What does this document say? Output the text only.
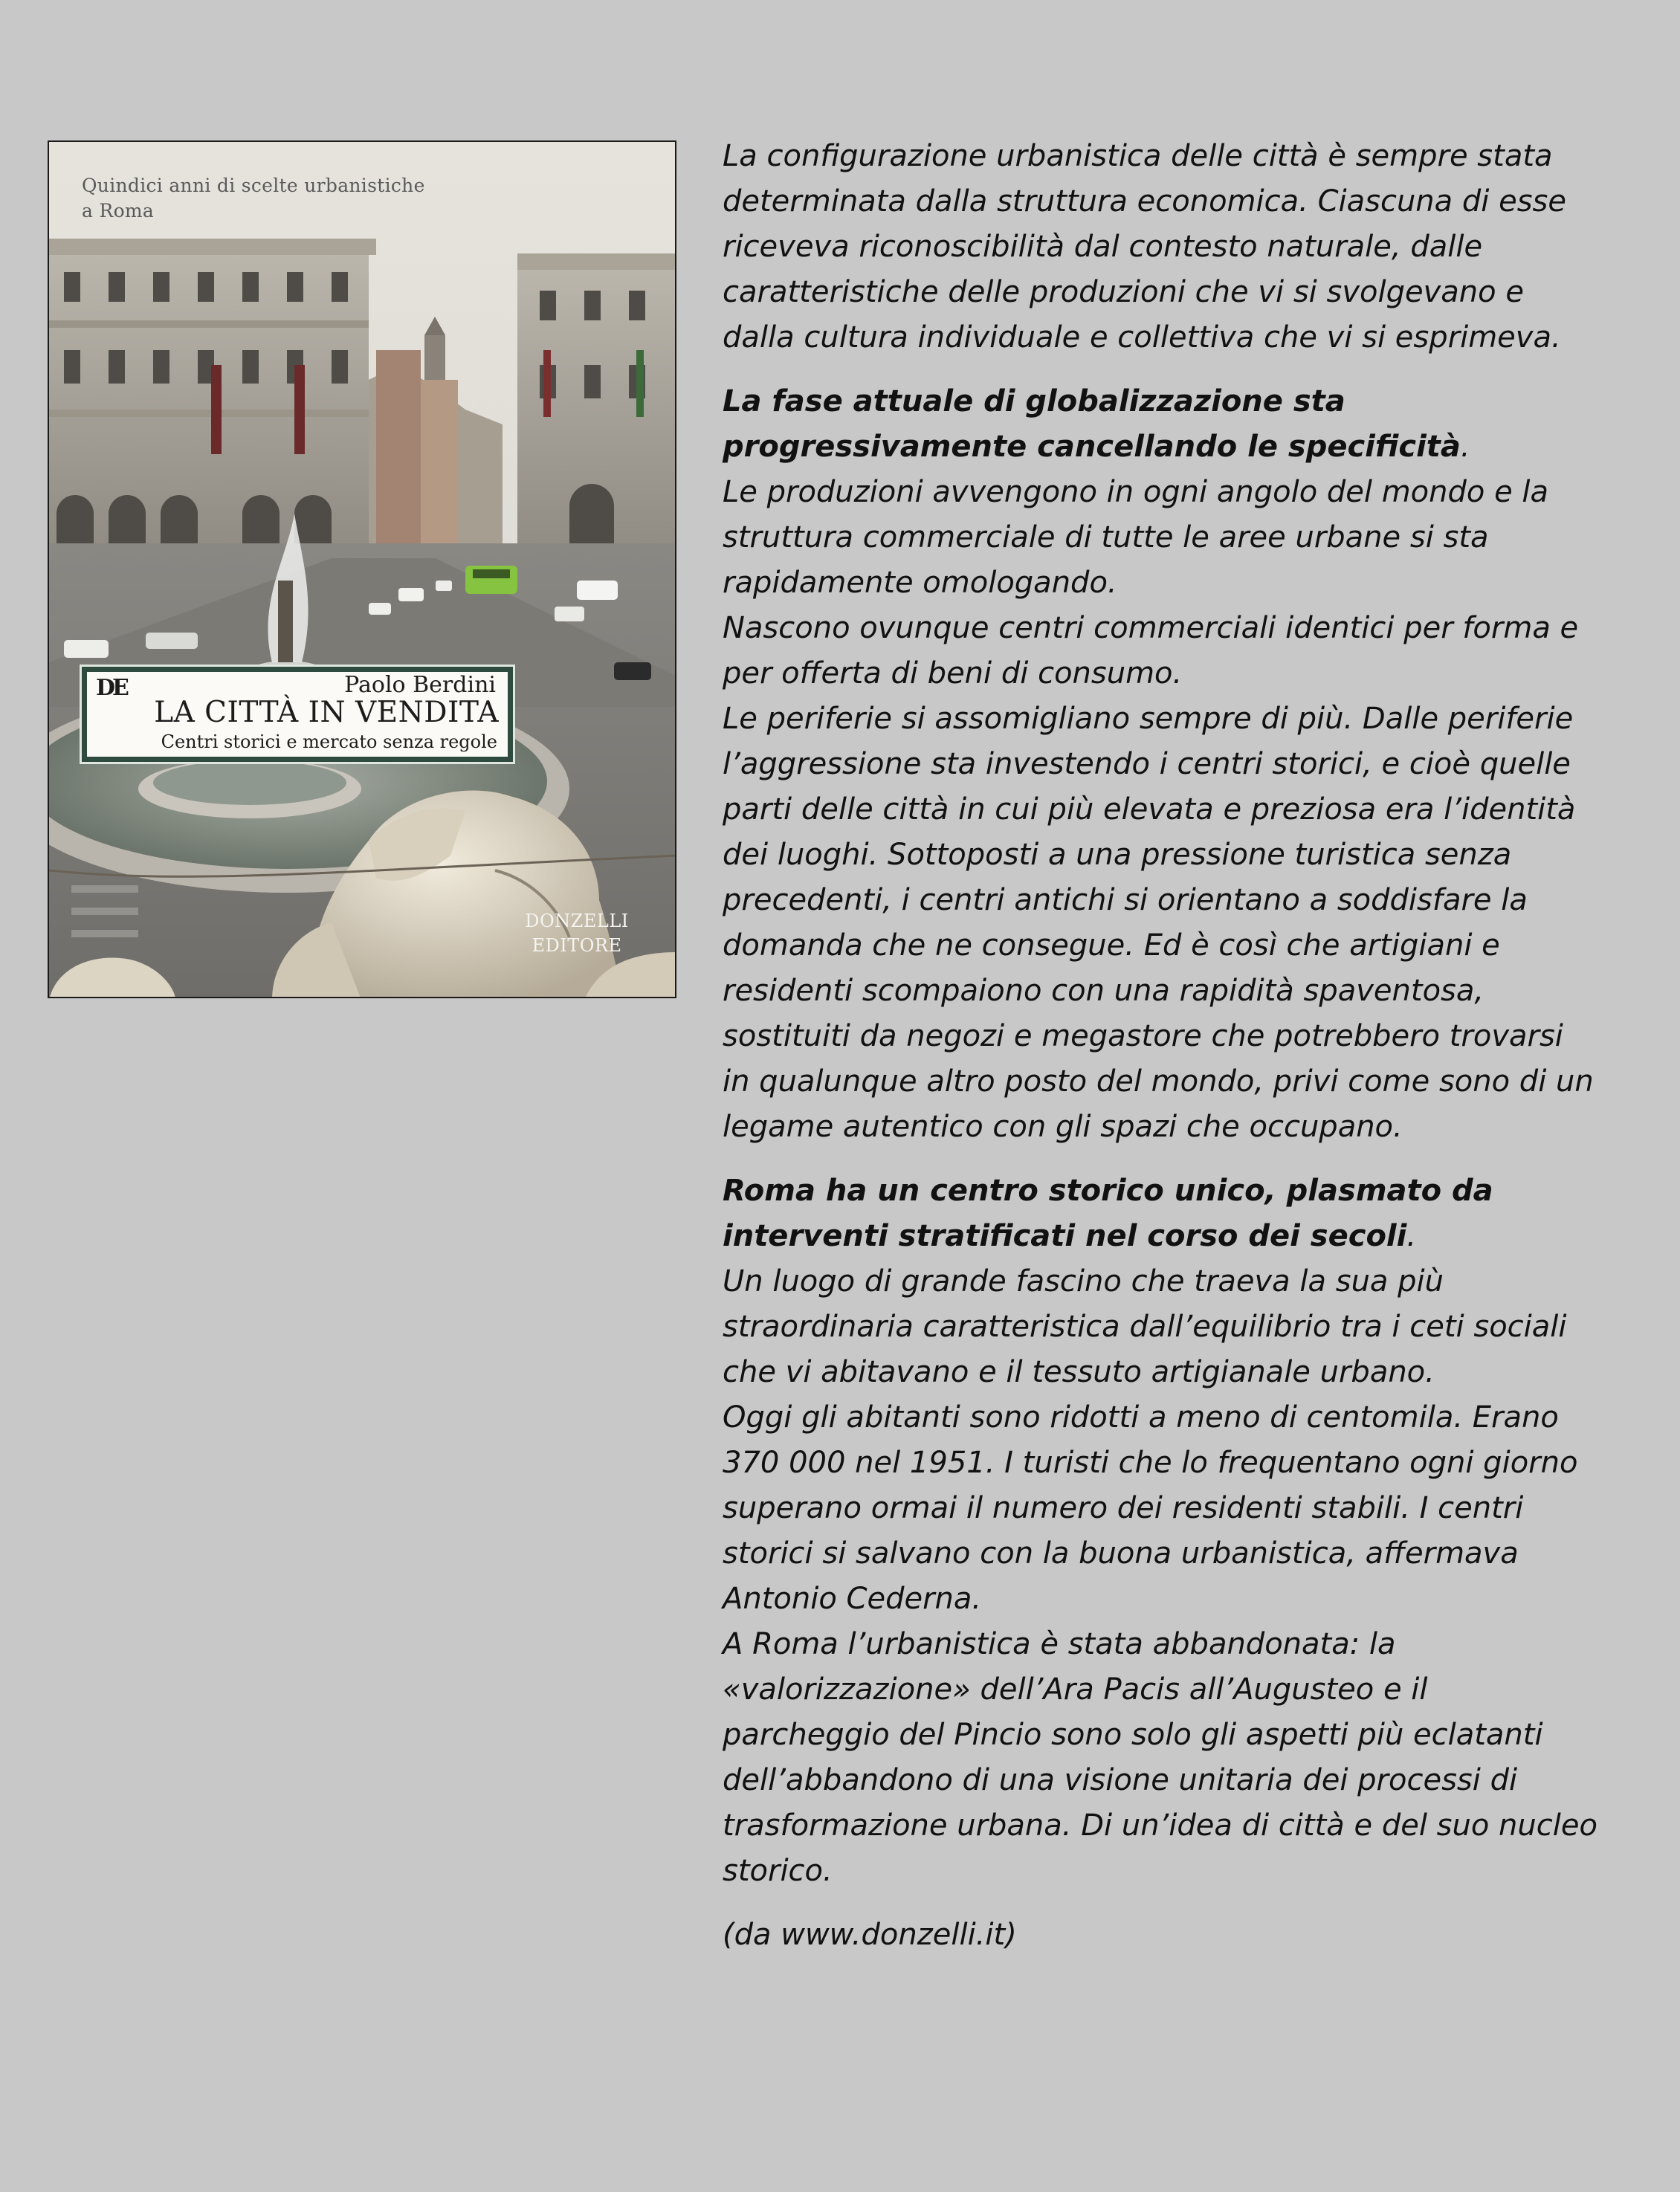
Quindici anni di scelte urbanistiche
a Roma
DE	Paolo Berdini
LA CITTÀ IN VENDITA
Centri storici e mercato senza regole
DONZELLI
EDITORE

La configurazione urbanistica delle città è sempre stata determinata dalla struttura economica. Ciascuna di esse riceveva riconoscibilità dal contesto naturale, dalle caratteristiche delle produzioni che vi si svolgevano e dalla cultura individuale e collettiva che vi si esprimeva.

La fase attuale di globalizzazione sta progressivamente cancellando le specificità.

Le produzioni avvengono in ogni angolo del mondo e la struttura commerciale di tutte le aree urbane si sta rapidamente omologando.

Nascono ovunque centri commerciali identici per forma e per offerta di beni di consumo.

Le periferie si assomigliano sempre di più. Dalle periferie l’aggressione sta investendo i centri storici, e cioè quelle parti delle città in cui più elevata e preziosa era l’identità dei luoghi. Sottoposti a una pressione turistica senza precedenti, i centri antichi si orientano a soddisfare la domanda che ne consegue. Ed è così che artigiani e residenti scompaiono con una rapidità spaventosa, sostituiti da negozi e megastore che potrebbero trovarsi in qualunque altro posto del mondo, privi come sono di un legame autentico con gli spazi che occupano.

Roma ha un centro storico unico, plasmato da interventi stratificati nel corso dei secoli.

Un luogo di grande fascino che traeva la sua più straordinaria caratteristica dall’equilibrio tra i ceti sociali che vi abitavano e il tessuto artigianale urbano.

Oggi gli abitanti sono ridotti a meno di centomila. Erano 370 000 nel 1951. I turisti che lo frequentano ogni giorno superano ormai il numero dei residenti stabili. I centri storici si salvano con la buona urbanistica, affermava Antonio Cederna.

A Roma l’urbanistica è stata abbandonata: la «valorizzazione» dell’Ara Pacis all’Augusteo e il parcheggio del Pincio sono solo gli aspetti più eclatanti dell’abbandono di una visione unitaria dei processi di trasformazione urbana. Di un’idea di città e del suo nucleo storico.

(da www.donzelli.it)
